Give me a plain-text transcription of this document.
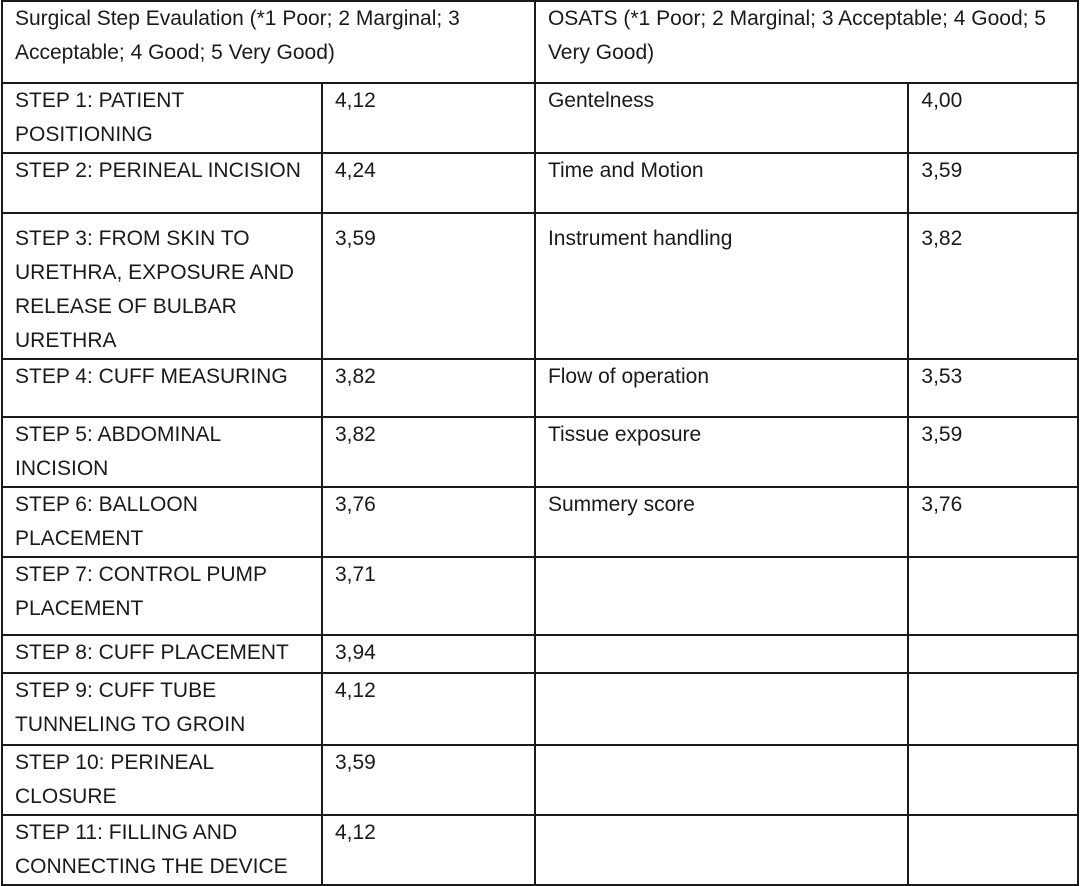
Surgical Step Evaulation (*1 Poor; 2 Marginal; 3 Acceptable; 4 Good; 5 Very Good)		OSATS (*1 Poor; 2 Marginal; 3 Acceptable; 4 Good; 5 Very Good)	
STEP 1: PATIENT POSITIONING	4,12	Gentelness	4,00
STEP 2: PERINEAL INCISION	4,24	Time and Motion	3,59
STEP 3: FROM SKIN TO URETHRA, EXPOSURE AND RELEASE OF BULBAR URETHRA	3,59	Instrument handling	3,82
STEP 4: CUFF MEASURING	3,82	Flow of operation	3,53
STEP 5: ABDOMINAL INCISION	3,82	Tissue exposure	3,59
STEP 6: BALLOON PLACEMENT	3,76	Summery score	3,76
STEP 7: CONTROL PUMP PLACEMENT	3,71		
STEP 8: CUFF PLACEMENT	3,94		
STEP 9: CUFF TUBE TUNNELING TO GROIN	4,12		
STEP 10: PERINEAL CLOSURE	3,59		
STEP 11: FILLING AND CONNECTING THE DEVICE	4,12		
